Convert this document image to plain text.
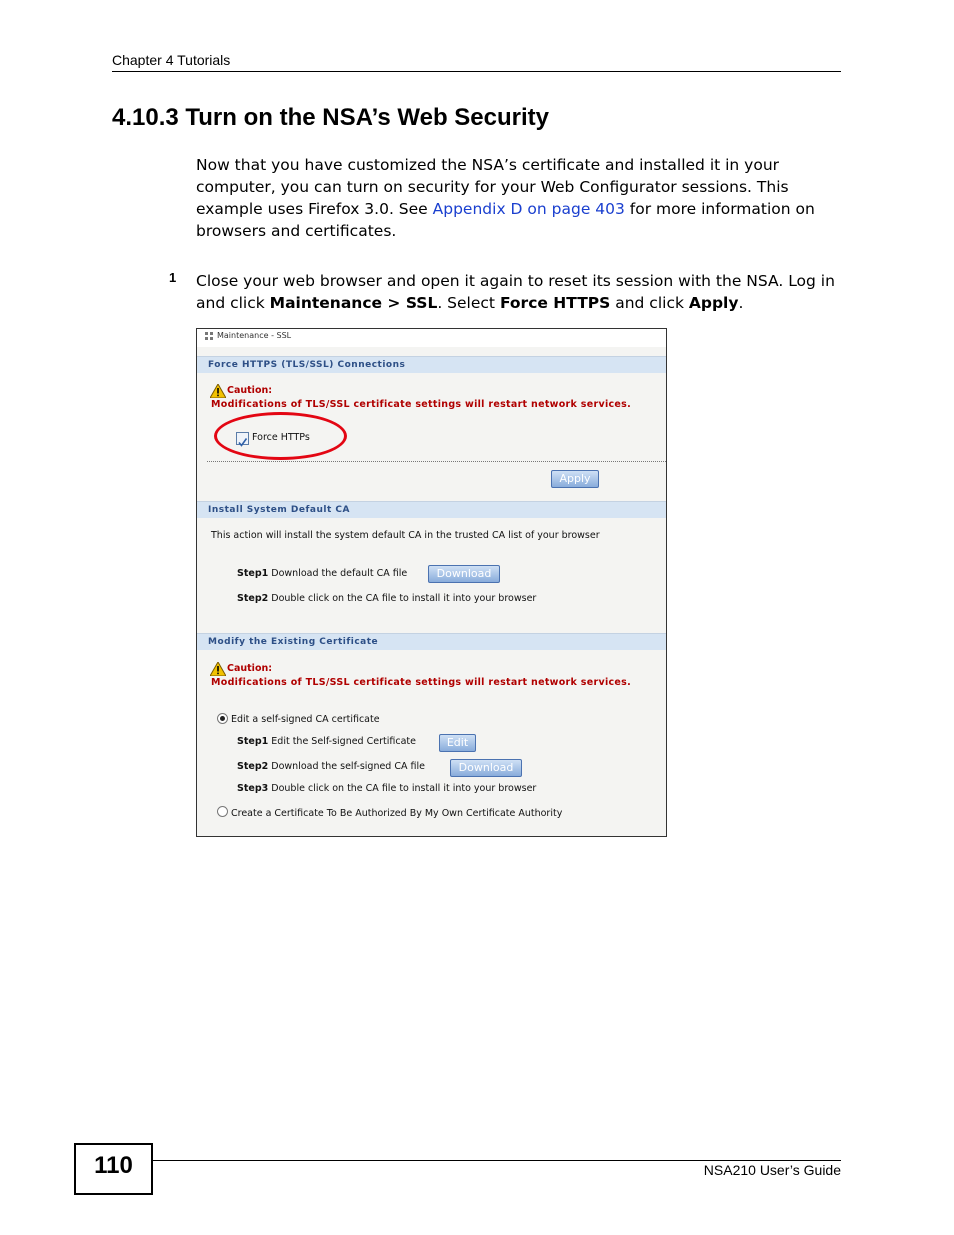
Chapter 4 Tutorials
4.10.3 Turn on the NSA’s Web Security
Now that you have customized the NSA’s certificate and installed it in your computer, you can turn on security for your Web Configurator sessions. This example uses Firefox 3.0. See Appendix D on page 403 for more information on browsers and certificates.
1 Close your web browser and open it again to reset its session with the NSA. Log in and click Maintenance > SSL. Select Force HTTPS and click Apply.
Maintenance - SSL
Force HTTPS (TLS/SSL) Connections
Caution:
Modifications of TLS/SSL certificate settings will restart network services.
Force HTTPs
Apply
Install System Default CA
This action will install the system default CA in the trusted CA list of your browser
Step1 Download the default CA file	Download
Step2 Double click on the CA file to install it into your browser
Modify the Existing Certificate
Caution:
Modifications of TLS/SSL certificate settings will restart network services.
Edit a self-signed CA certificate
Step1 Edit the Self-signed Certificate	Edit
Step2 Download the self-signed CA file	Download
Step3 Double click on the CA file to install it into your browser
Create a Certificate To Be Authorized By My Own Certificate Authority
110	NSA210 User’s Guide
